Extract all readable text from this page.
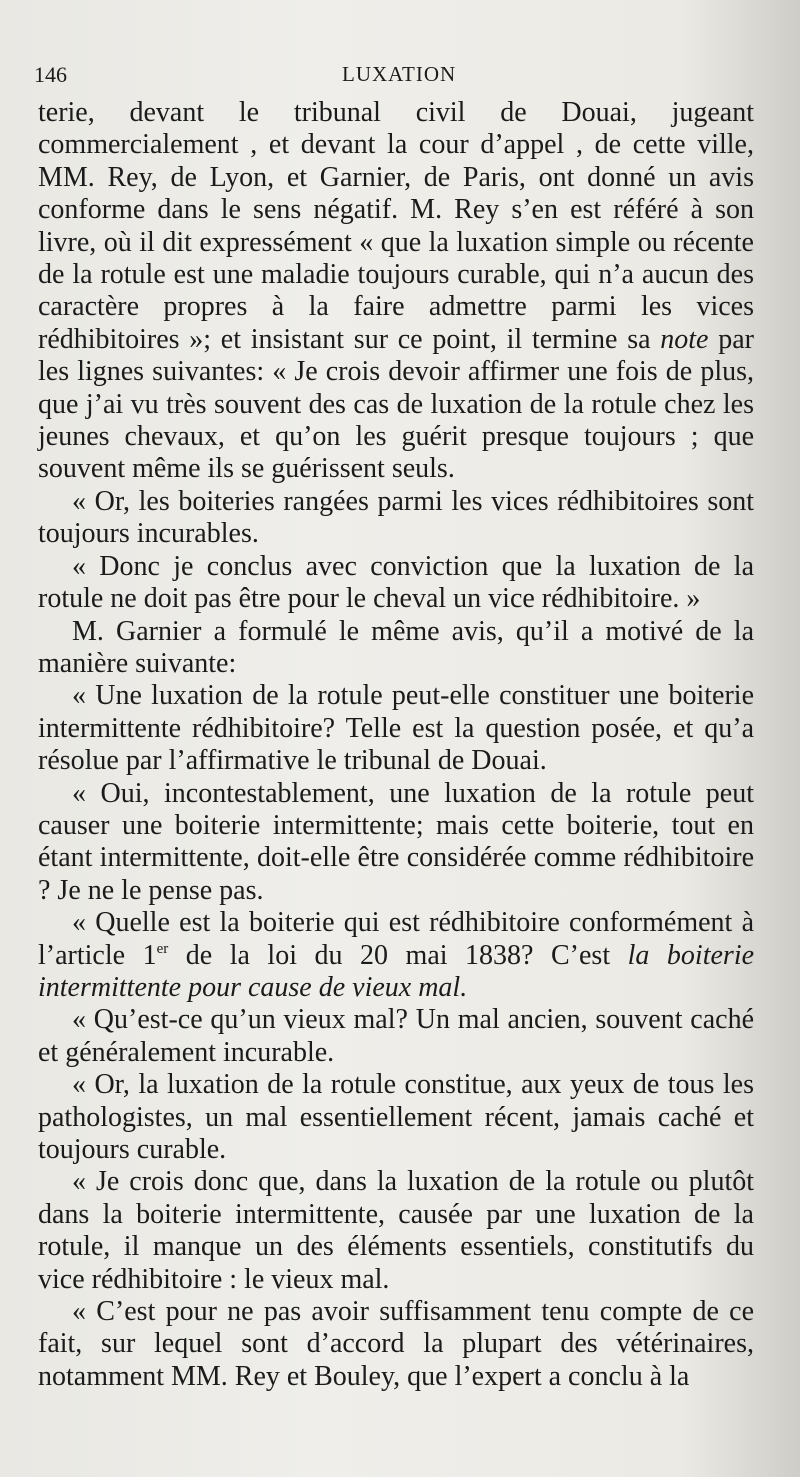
146	LUXATION

terie, devant le tribunal civil de Douai, jugeant commercialement , et devant la cour d’appel , de cette ville, MM. Rey, de Lyon, et Garnier, de Paris, ont donné un avis conforme dans le sens négatif. M. Rey s’en est référé à son livre, où il dit expressément « que la luxation simple ou récente de la rotule est une maladie toujours curable, qui n’a aucun des caractère propres à la faire admettre parmi les vices rédhibitoires »; et insistant sur ce point, il termine sa note par les lignes suivantes: « Je crois devoir affirmer une fois de plus, que j’ai vu très souvent des cas de luxation de la rotule chez les jeunes chevaux, et qu’on les guérit presque toujours ; que souvent même ils se guérissent seuls.

« Or, les boiteries rangées parmi les vices rédhibitoires sont toujours incurables.

« Donc je conclus avec conviction que la luxation de la rotule ne doit pas être pour le cheval un vice rédhibitoire. »

M. Garnier a formulé le même avis, qu’il a motivé de la manière suivante:

« Une luxation de la rotule peut-elle constituer une boiterie intermittente rédhibitoire? Telle est la question posée, et qu’a résolue par l’affirmative le tribunal de Douai.

« Oui, incontestablement, une luxation de la rotule peut causer une boiterie intermittente; mais cette boiterie, tout en étant intermittente, doit-elle être considérée comme rédhibitoire ? Je ne le pense pas.

« Quelle est la boiterie qui est rédhibitoire conformément à l’article 1er de la loi du 20 mai 1838? C’est la boiterie intermittente pour cause de vieux mal.

« Qu’est-ce qu’un vieux mal? Un mal ancien, souvent caché et généralement incurable.

« Or, la luxation de la rotule constitue, aux yeux de tous les pathologistes, un mal essentiellement récent, jamais caché et toujours curable.

« Je crois donc que, dans la luxation de la rotule ou plutôt dans la boiterie intermittente, causée par une luxation de la rotule, il manque un des éléments essentiels, constitutifs du vice rédhibitoire : le vieux mal.

« C’est pour ne pas avoir suffisamment tenu compte de ce fait, sur lequel sont d’accord la plupart des vétérinaires, notamment MM. Rey et Bouley, que l’expert a conclu à la
